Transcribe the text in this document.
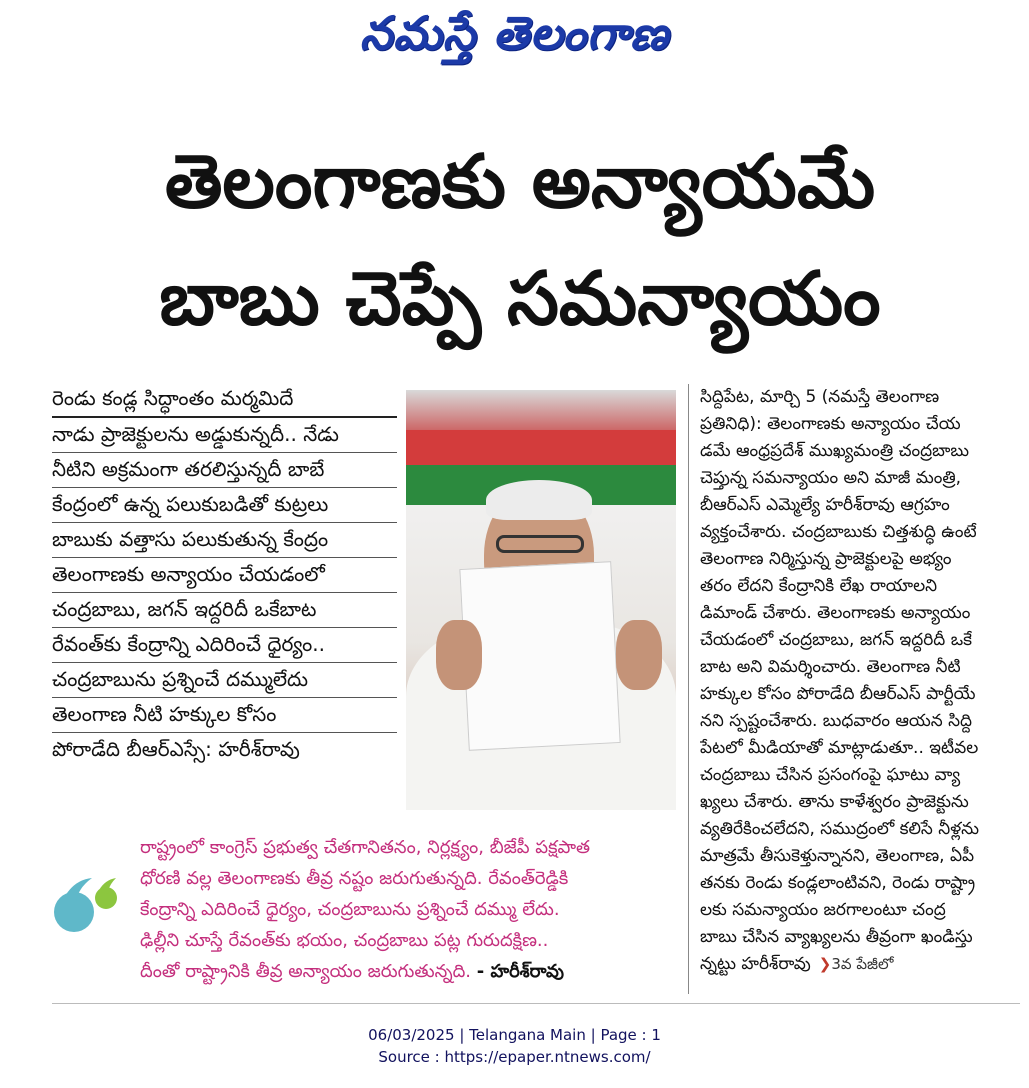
నమస్తే తెలంగాణ
తెలంగాణకు అన్యాయమే
బాబు చెప్పే సమన్యాయం
రెండు కండ్ల సిద్ధాంతం మర్మమిదే
నాడు ప్రాజెక్టులను అడ్డుకున్నదీ.. నేడు
నీటిని అక్రమంగా తరలిస్తున్నదీ బాబే
కేంద్రంలో ఉన్న పలుకుబడితో కుట్రలు
బాబుకు వత్తాసు పలుకుతున్న కేంద్రం
తెలంగాణకు అన్యాయం చేయడంలో
చంద్రబాబు, జగన్ ఇద్దరిదీ ఒకేబాట
రేవంత్‌కు కేంద్రాన్ని ఎదిరించే ధైర్యం..
చంద్రబాబును ప్రశ్నించే దమ్ములేదు
తెలంగాణ నీటి హక్కుల కోసం
పోరాడేది బీఆర్ఎస్సే: హరీశ్‌రావు

సిద్దిపేట, మార్చి 5 (నమస్తే తెలంగాణ

ప్రతినిధి): తెలంగాణకు అన్యాయం చేయ

డమే ఆంధ్రప్రదేశ్ ముఖ్యమంత్రి చంద్రబాబు

చెప్తున్న సమన్యాయం అని మాజీ మంత్రి,

బీఆర్ఎస్ ఎమ్మెల్యే హరీశ్‌రావు ఆగ్రహం

వ్యక్తంచేశారు. చంద్రబాబుకు చిత్తశుద్ధి ఉంటే

తెలంగాణ నిర్మిస్తున్న ప్రాజెక్టులపై అభ్యం

తరం లేదని కేంద్రానికి లేఖ రాయాలని

డిమాండ్ చేశారు. తెలంగాణకు అన్యాయం

చేయడంలో చంద్రబాబు, జగన్ ఇద్దరిదీ ఒకే

బాట అని విమర్శించారు. తెలంగాణ నీటి

హక్కుల కోసం పోరాడేది బీఆర్ఎస్ పార్టీయే

నని స్పష్టంచేశారు. బుధవారం ఆయన సిద్ది

పేటలో మీడియాతో మాట్లాడుతూ.. ఇటీవల

చంద్రబాబు చేసిన ప్రసంగంపై ఘాటు వ్యా

ఖ్యలు చేశారు. తాను కాళేశ్వరం ప్రాజెక్టును

వ్యతిరేకించలేదని, సముద్రంలో కలిసే నీళ్లను

మాత్రమే తీసుకెళ్తున్నానని, తెలంగాణ, ఏపీ

తనకు రెండు కండ్లలాంటివని, రెండు రాష్ట్రా

లకు సమన్యాయం జరగాలంటూ చంద్ర

బాబు చేసిన వ్యాఖ్యలను తీవ్రంగా ఖండిస్తు

న్నట్టు హరీశ్‌రావు ❯3వ పేజీలో

రాష్ట్రంలో కాంగ్రెస్ ప్రభుత్వ చేతగానితనం, నిర్లక్ష్యం, బీజేపీ పక్షపాత

ధోరణి వల్ల తెలంగాణకు తీవ్ర నష్టం జరుగుతున్నది. రేవంత్‌రెడ్డికి

కేంద్రాన్ని ఎదిరించే ధైర్యం, చంద్రబాబును ప్రశ్నించే దమ్ము లేదు.

ఢిల్లీని చూస్తే రేవంత్‌కు భయం, చంద్రబాబు పట్ల గురుదక్షిణ..

దీంతో రాష్ట్రానికి తీవ్ర అన్యాయం జరుగుతున్నది. - హరీశ్‌రావు

06/03/2025 | Telangana Main | Page : 1
Source : https://epaper.ntnews.com/
